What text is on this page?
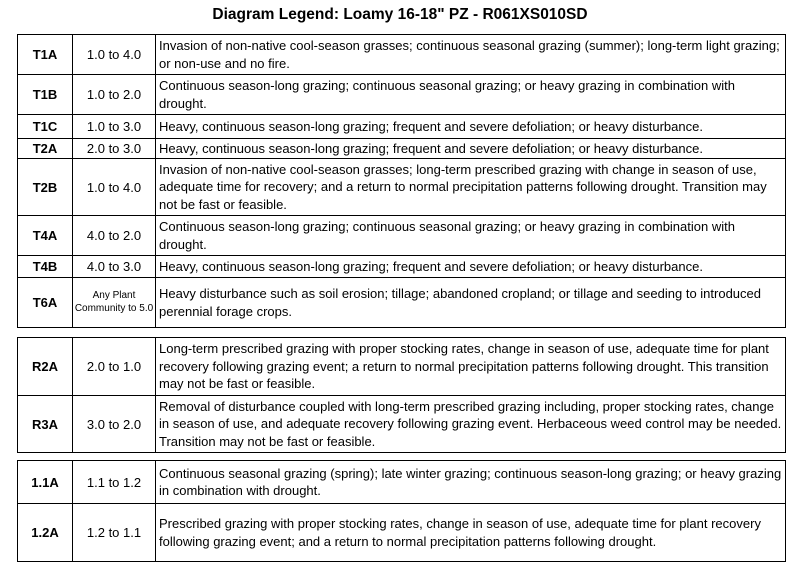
Diagram Legend: Loamy 16-18" PZ - R061XS010SD
T1A	1.0 to 4.0	Invasion of non-native cool-season grasses; continuous seasonal grazing (summer); long-term light grazing; or non-use and no fire.
T1B	1.0 to 2.0	Continuous season-long grazing; continuous seasonal grazing; or heavy grazing in combination with drought.
T1C	1.0 to 3.0	Heavy, continuous season-long grazing; frequent and severe defoliation; or heavy disturbance.
T2A	2.0 to 3.0	Heavy, continuous season-long grazing; frequent and severe defoliation; or heavy disturbance.
T2B	1.0 to 4.0	Invasion of non-native cool-season grasses; long-term prescribed grazing with change in season of use, adequate time for recovery; and a return to normal precipitation patterns following drought. Transition may not be fast or feasible.
T4A	4.0 to 2.0	Continuous season-long grazing; continuous seasonal grazing; or heavy grazing in combination with drought.
T4B	4.0 to 3.0	Heavy, continuous season-long grazing; frequent and severe defoliation; or heavy disturbance.
T6A	Any Plant Community to 5.0	Heavy disturbance such as soil erosion; tillage; abandoned cropland; or tillage and seeding to introduced perennial forage crops.
R2A	2.0 to 1.0	Long-term prescribed grazing with proper stocking rates, change in season of use, adequate time for plant recovery following grazing event; a return to normal precipitation patterns following drought. This transition may not be fast or feasible.
R3A	3.0 to 2.0	Removal of disturbance coupled with long-term prescribed grazing including, proper stocking rates, change in season of use, and adequate recovery following grazing event. Herbaceous weed control may be needed. Transition may not be fast or feasible.
1.1A	1.1 to 1.2	Continuous seasonal grazing (spring); late winter grazing; continuous season-long grazing; or heavy grazing in combination with drought.
1.2A	1.2 to 1.1	Prescribed grazing with proper stocking rates, change in season of use, adequate time for plant recovery following grazing event; and a return to normal precipitation patterns following drought.
